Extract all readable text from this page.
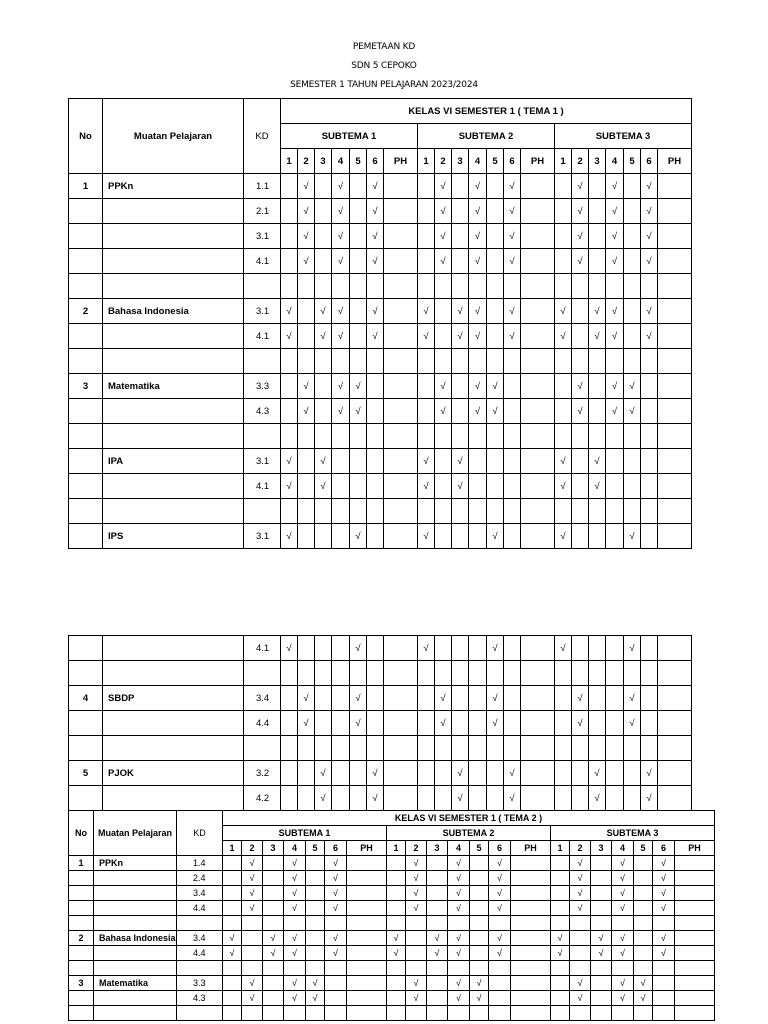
PEMETAAN KD
SDN 5 CEPOKO
SEMESTER 1 TAHUN PELAJARAN 2023/2024
No	Muatan Pelajaran	KD	KELAS VI SEMESTER 1 ( TEMA 1 )																				
			SUBTEMA 1							SUBTEMA 2							SUBTEMA 3						
			1	2	3	4	5	6	PH	1	2	3	4	5	6	PH	1	2	3	4	5	6	PH
1	PPKn	1.1		√		√		√			√		√		√			√		√		√	
		2.1		√		√		√			√		√		√			√		√		√	
		3.1		√		√		√			√		√		√			√		√		√	
		4.1		√		√		√			√		√		√			√		√		√	

2	Bahasa Indonesia	3.1	√		√	√		√		√		√	√		√		√		√	√		√	
		4.1	√		√	√		√		√		√	√		√		√		√	√		√	

3	Matematika	3.3		√		√	√				√		√	√				√		√	√		
		4.3		√		√	√				√		√	√				√		√	√		

	IPA	3.1	√		√					√		√					√		√				
		4.1	√		√					√		√					√		√				

	IPS	3.1	√				√			√				√			√				√		
		4.1	√				√			√				√			√				√		

4	SBDP	3.4		√			√				√			√				√			√		
		4.4		√			√				√			√				√			√		

5	PJOK	3.2			√			√				√			√				√			√	
		4.2			√			√				√			√				√			√	
No	Muatan Pelajaran	KD	KELAS VI SEMESTER 1 ( TEMA 2 )																				
			SUBTEMA 1							SUBTEMA 2							SUBTEMA 3						
			1	2	3	4	5	6	PH	1	2	3	4	5	6	PH	1	2	3	4	5	6	PH
1	PPKn	1.4		√		√		√			√		√		√			√		√		√	
		2.4		√		√		√			√		√		√			√		√		√	
		3.4		√		√		√			√		√		√			√		√		√	
		4.4		√		√		√			√		√		√			√		√		√	

2	Bahasa Indonesia	3.4	√		√	√		√		√		√	√		√		√		√	√		√	
		4.4	√		√	√		√		√		√	√		√		√		√	√		√	

3	Matematika	3.3		√		√	√				√		√	√				√		√	√		
		4.3		√		√	√				√		√	√				√		√	√		
